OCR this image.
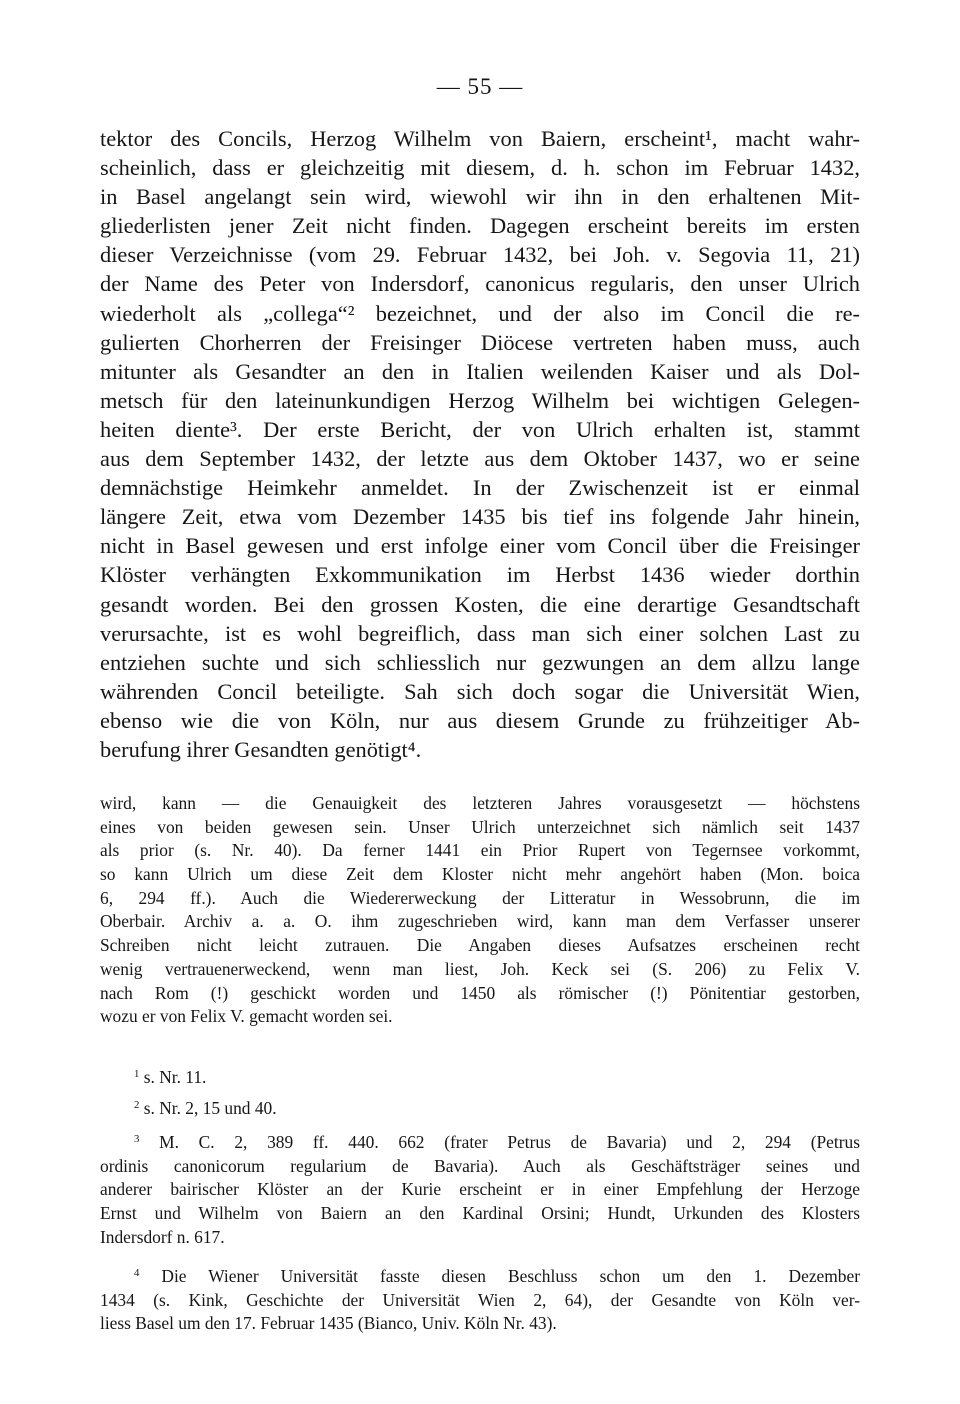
— 55 —
tektor des Concils, Herzog Wilhelm von Baiern, erscheint¹, macht wahr-
scheinlich, dass er gleichzeitig mit diesem, d. h. schon im Februar 1432,
in Basel angelangt sein wird, wiewohl wir ihn in den erhaltenen Mit-
gliederlisten jener Zeit nicht finden. Dagegen erscheint bereits im ersten
dieser Verzeichnisse (vom 29. Februar 1432, bei Joh. v. Segovia 11, 21)
der Name des Peter von Indersdorf, canonicus regularis, den unser Ulrich
wiederholt als „collega“² bezeichnet, und der also im Concil die re-
gulierten Chorherren der Freisinger Diöcese vertreten haben muss, auch
mitunter als Gesandter an den in Italien weilenden Kaiser und als Dol-
metsch für den lateinunkundigen Herzog Wilhelm bei wichtigen Gelegen-
heiten diente³. Der erste Bericht, der von Ulrich erhalten ist, stammt
aus dem September 1432, der letzte aus dem Oktober 1437, wo er seine
demnächstige Heimkehr anmeldet. In der Zwischenzeit ist er einmal
längere Zeit, etwa vom Dezember 1435 bis tief ins folgende Jahr hinein,
nicht in Basel gewesen und erst infolge einer vom Concil über die Freisinger
Klöster verhängten Exkommunikation im Herbst 1436 wieder dorthin
gesandt worden. Bei den grossen Kosten, die eine derartige Gesandtschaft
verursachte, ist es wohl begreiflich, dass man sich einer solchen Last zu
entziehen suchte und sich schliesslich nur gezwungen an dem allzu lange
währenden Concil beteiligte. Sah sich doch sogar die Universität Wien,
ebenso wie die von Köln, nur aus diesem Grunde zu frühzeitiger Ab-
berufung ihrer Gesandten genötigt⁴.
wird, kann — die Genauigkeit des letzteren Jahres vorausgesetzt — höchstens
eines von beiden gewesen sein. Unser Ulrich unterzeichnet sich nämlich seit 1437
als prior (s. Nr. 40). Da ferner 1441 ein Prior Rupert von Tegernsee vorkommt,
so kann Ulrich um diese Zeit dem Kloster nicht mehr angehört haben (Mon. boica
6, 294 ff.). Auch die Wiedererweckung der Litteratur in Wessobrunn, die im
Oberbair. Archiv a. a. O. ihm zugeschrieben wird, kann man dem Verfasser unserer
Schreiben nicht leicht zutrauen. Die Angaben dieses Aufsatzes erscheinen recht
wenig vertrauenerweckend, wenn man liest, Joh. Keck sei (S. 206) zu Felix V.
nach Rom (!) geschickt worden und 1450 als römischer (!) Pönitentiar gestorben,
wozu er von Felix V. gemacht worden sei.
$^1$ s. Nr. 11.
$^2$ s. Nr. 2, 15 und 40.
$^3$ M. C. 2, 389 ff. 440. 662 (frater Petrus de Bavaria) und 2, 294 (Petrus
ordinis canonicorum regularium de Bavaria). Auch als Geschäftsträger seines und
anderer bairischer Klöster an der Kurie erscheint er in einer Empfehlung der Herzoge
Ernst und Wilhelm von Baiern an den Kardinal Orsini; Hundt, Urkunden des Klosters
Indersdorf n. 617.
$^4$ Die Wiener Universität fasste diesen Beschluss schon um den 1. Dezember
1434 (s. Kink, Geschichte der Universität Wien 2, 64), der Gesandte von Köln ver-
liess Basel um den 17. Februar 1435 (Bianco, Univ. Köln Nr. 43).
